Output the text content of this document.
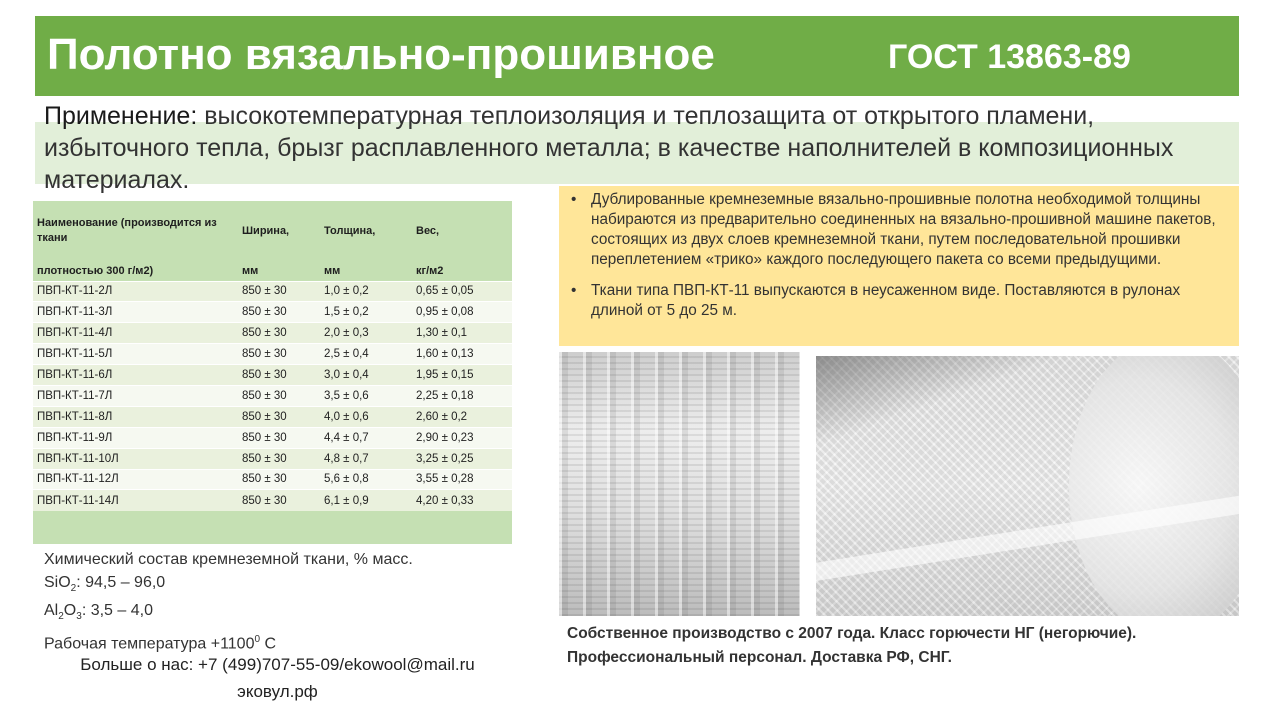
Полотно вязально-прошивное	ГОСТ 13863-89
Применение: высокотемпературная теплоизоляция и теплозащита от открытого пламени, избыточного тепла, брызг расплавленного металла; в качестве наполнителей в композиционных материалах.
Наименование (производится из ткани	Ширина,	Толщина,	Вес,
плотностью 300 г/м2)	мм	мм	кг/м2
ПВП-КТ-11-2Л	850 ± 30	1,0 ± 0,2	0,65 ± 0,05
ПВП-КТ-11-3Л	850 ± 30	1,5 ± 0,2	0,95 ± 0,08
ПВП-КТ-11-4Л	850 ± 30	2,0 ± 0,3	1,30 ± 0,1
ПВП-КТ-11-5Л	850 ± 30	2,5 ± 0,4	1,60 ± 0,13
ПВП-КТ-11-6Л	850 ± 30	3,0 ± 0,4	1,95 ± 0,15
ПВП-КТ-11-7Л	850 ± 30	3,5 ± 0,6	2,25 ± 0,18
ПВП-КТ-11-8Л	850 ± 30	4,0 ± 0,6	2,60 ± 0,2
ПВП-КТ-11-9Л	850 ± 30	4,4 ± 0,7	2,90 ± 0,23
ПВП-КТ-11-10Л	850 ± 30	4,8 ± 0,7	3,25 ± 0,25
ПВП-КТ-11-12Л	850 ± 30	5,6 ± 0,8	3,55 ± 0,28
ПВП-КТ-11-14Л	850 ± 30	6,1 ± 0,9	4,20 ± 0,33

Химический состав кремнеземной ткани, % масс.
SiO$_2$: 94,5 – 96,0
$Al_2O_3$: 3,5 – 4,0
Рабочая температура $+1100^0$ С
Больше о нас: +7 (499)707-55-09/ekowool@mail.ru
эковул.рф
• Дублированные кремнеземные вязально-прошивные полотна необходимой толщины набираются из предварительно соединенных на вязально-прошивной машине пакетов, состоящих из двух слоев кремнеземной ткани, путем последовательной прошивки переплетением «трико» каждого последующего пакета со всеми предыдущими.
• Ткани типа ПВП-КТ-11 выпускаются в неусаженном виде. Поставляются в рулонах длиной от 5 до 25 м.
Собственное производство с 2007 года. Класс горючести НГ (негорючие).
Профессиональный персонал. Доставка РФ, СНГ.
